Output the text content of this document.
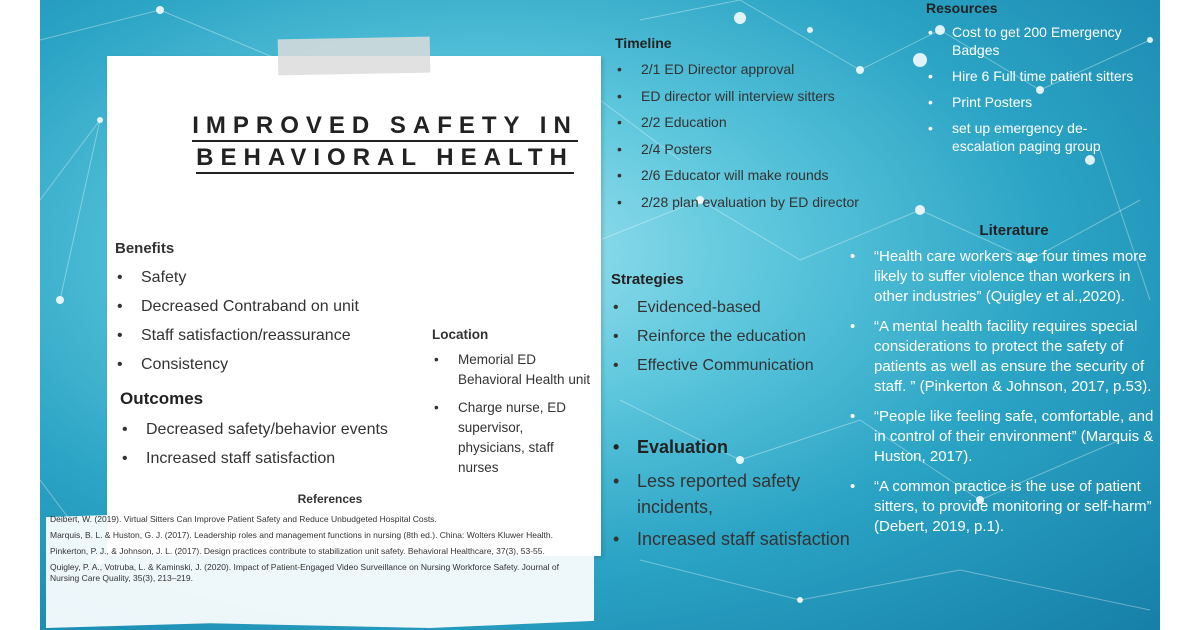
IMPROVED SAFETY IN
BEHAVIORAL HEALTH
Benefits
• Safety
• Decreased Contraband on unit
• Staff satisfaction/reassurance
• Consistency
Outcomes
• Decreased safety/behavior events
• Increased staff satisfaction
Location
• Memorial ED Behavioral Health unit
• Charge nurse, ED supervisor, physicians, staff nurses
References
Deibert, W. (2019). Virtual Sitters Can Improve Patient Safety and Reduce Unbudgeted Hospital Costs.
Marquis, B. L. & Huston, G. J. (2017). Leadership roles and management functions in nursing (8th ed.). China: Wolters Kluwer Health.
Pinkerton, P. J., & Johnson, J. L. (2017). Design practices contribute to stabilization unit safety. Behavioral Healthcare, 37(3), 53-55.
Quigley, P. A., Votruba, L. & Kaminski, J. (2020). Impact of Patient-Engaged Video Surveillance on Nursing Workforce Safety. Journal of Nursing Care Quality, 35(3), 213–219.
Timeline
• 2/1 ED Director approval
• ED director will interview sitters
• 2/2 Education
• 2/4 Posters
• 2/6 Educator will make rounds
• 2/28 plan evaluation by ED director
Resources
• Cost to get 200 Emergency Badges
• Hire 6 Full time patient sitters
• Print Posters
• set up emergency de-escalation paging group
Strategies
• Evidenced-based
• Reinforce the education
• Effective Communication
• Evaluation
• Less reported safety incidents,
• Increased staff satisfaction
Literature
• “Health care workers are four times more likely to suffer violence than workers in other industries” (Quigley et al.,2020).
• “A mental health facility requires special considerations to protect the safety of patients as well as ensure the security of staff. ” (Pinkerton & Johnson, 2017, p.53).
• “People like feeling safe, comfortable, and in control of their environment” (Marquis & Huston, 2017).
• “A common practice is the use of patient sitters, to provide monitoring or self-harm” (Debert, 2019, p.1).
